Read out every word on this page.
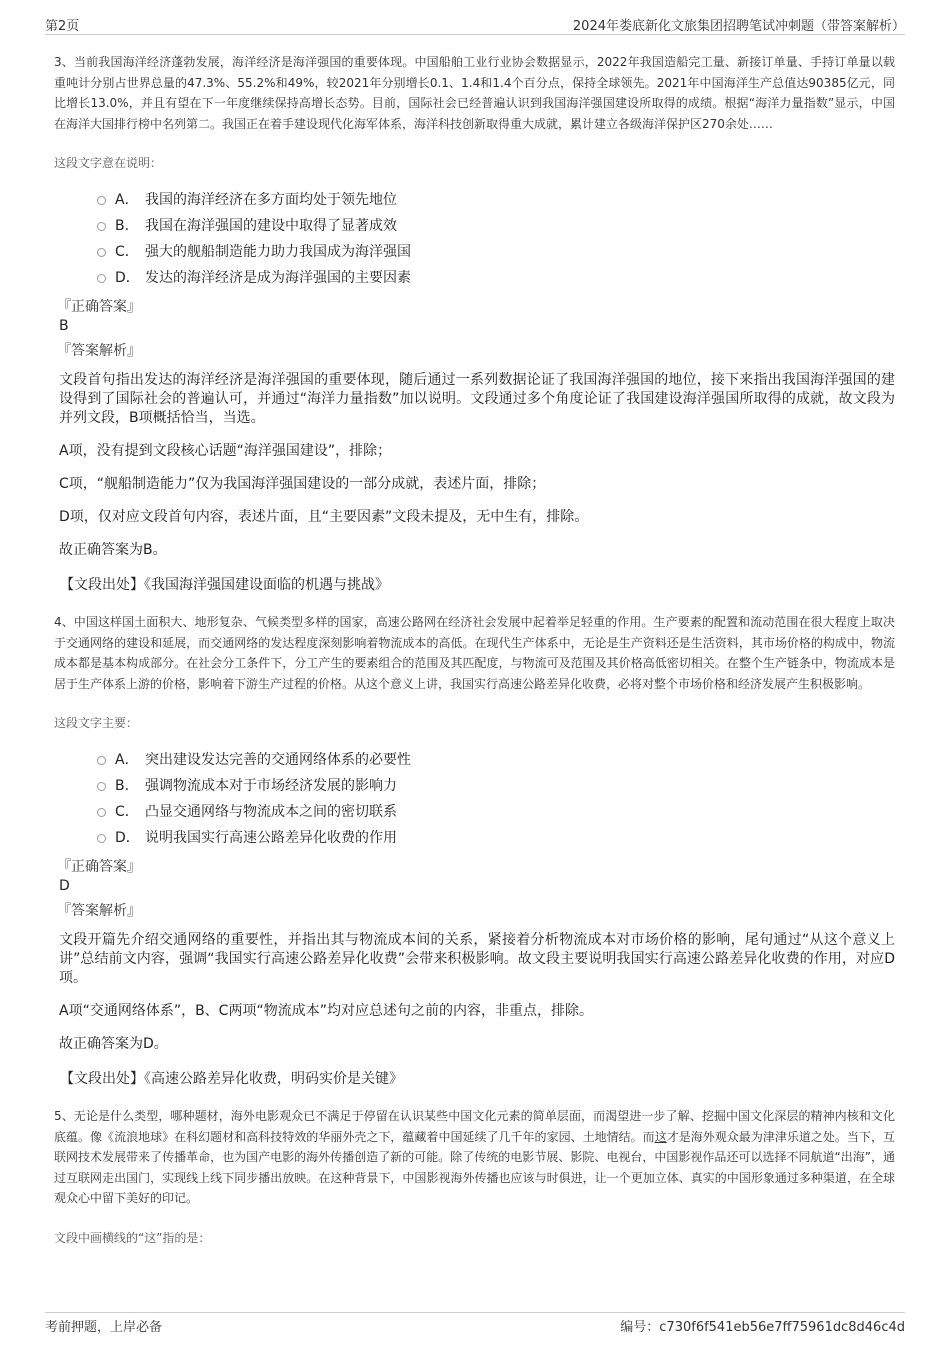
第2页	2024年娄底新化文旅集团招聘笔试冲刺题（带答案解析）
3、当前我国海洋经济蓬勃发展，海洋经济是海洋强国的重要体现。中国船舶工业行业协会数据显示，2022年我国造船完工量、新接订单量、手持订单量以载重吨计分别占世界总量的47.3%、55.2%和49%，较2021年分别增长0.1、1.4和1.4个百分点，保持全球领先。2021年中国海洋生产总值达90385亿元，同比增长13.0%，并且有望在下一年度继续保持高增长态势。目前，国际社会已经普遍认识到我国海洋强国建设所取得的成绩。根据“海洋力量指数”显示，中国在海洋大国排行榜中名列第二。我国正在着手建设现代化海军体系，海洋科技创新取得重大成就，累计建立各级海洋保护区270余处……
这段文字意在说明：
A． 我国的海洋经济在多方面均处于领先地位
B． 我国在海洋强国的建设中取得了显著成效
C． 强大的舰船制造能力助力我国成为海洋强国
D． 发达的海洋经济是成为海洋强国的主要因素
『正确答案』
B
『答案解析』

文段首句指出发达的海洋经济是海洋强国的重要体现，随后通过一系列数据论证了我国海洋强国的地位，接下来指出我国海洋强国的建设得到了国际社会的普遍认可，并通过“海洋力量指数”加以说明。文段通过多个角度论证了我国建设海洋强国所取得的成就，故文段为并列文段，B项概括恰当，当选。

A项，没有提到文段核心话题“海洋强国建设”，排除；

C项，“舰船制造能力”仅为我国海洋强国建设的一部分成就，表述片面，排除；

D项，仅对应文段首句内容，表述片面，且“主要因素”文段未提及，无中生有，排除。

故正确答案为B。

【文段出处】《我国海洋强国建设面临的机遇与挑战》
4、中国这样国土面积大、地形复杂、气候类型多样的国家，高速公路网在经济社会发展中起着举足轻重的作用。生产要素的配置和流动范围在很大程度上取决于交通网络的建设和延展，而交通网络的发达程度深刻影响着物流成本的高低。在现代生产体系中，无论是生产资料还是生活资料，其市场价格的构成中，物流成本都是基本构成部分。在社会分工条件下，分工产生的要素组合的范围及其匹配度，与物流可及范围及其价格高低密切相关。在整个生产链条中，物流成本是居于生产体系上游的价格，影响着下游生产过程的价格。从这个意义上讲，我国实行高速公路差异化收费，必将对整个市场价格和经济发展产生积极影响。
这段文字主要：
A． 突出建设发达完善的交通网络体系的必要性
B． 强调物流成本对于市场经济发展的影响力
C． 凸显交通网络与物流成本之间的密切联系
D． 说明我国实行高速公路差异化收费的作用
『正确答案』
D
『答案解析』

文段开篇先介绍交通网络的重要性，并指出其与物流成本间的关系，紧接着分析物流成本对市场价格的影响，尾句通过“从这个意义上讲”总结前文内容，强调“我国实行高速公路差异化收费”会带来积极影响。故文段主要说明我国实行高速公路差异化收费的作用，对应D项。

A项“交通网络体系”，B、C两项“物流成本”均对应总述句之前的内容，非重点，排除。

故正确答案为D。

【文段出处】《高速公路差异化收费，明码实价是关键》
5、无论是什么类型，哪种题材，海外电影观众已不满足于停留在认识某些中国文化元素的简单层面，而渴望进一步了解、挖掘中国文化深层的精神内核和文化底蕴。像《流浪地球》在科幻题材和高科技特效的华丽外壳之下，蕴藏着中国延续了几千年的家园、土地情结。而这才是海外观众最为津津乐道之处。当下，互联网技术发展带来了传播革命，也为国产电影的海外传播创造了新的可能。除了传统的电影节展、影院、电视台，中国影视作品还可以选择不同航道“出海”，通过互联网走出国门，实现线上线下同步播出放映。在这种背景下，中国影视海外传播也应该与时俱进，让一个更加立体、真实的中国形象通过多种渠道，在全球观众心中留下美好的印记。
文段中画横线的“这”指的是：
考前押题，上岸必备	编号：c730f6f541eb56e7ff75961dc8d46c4d
